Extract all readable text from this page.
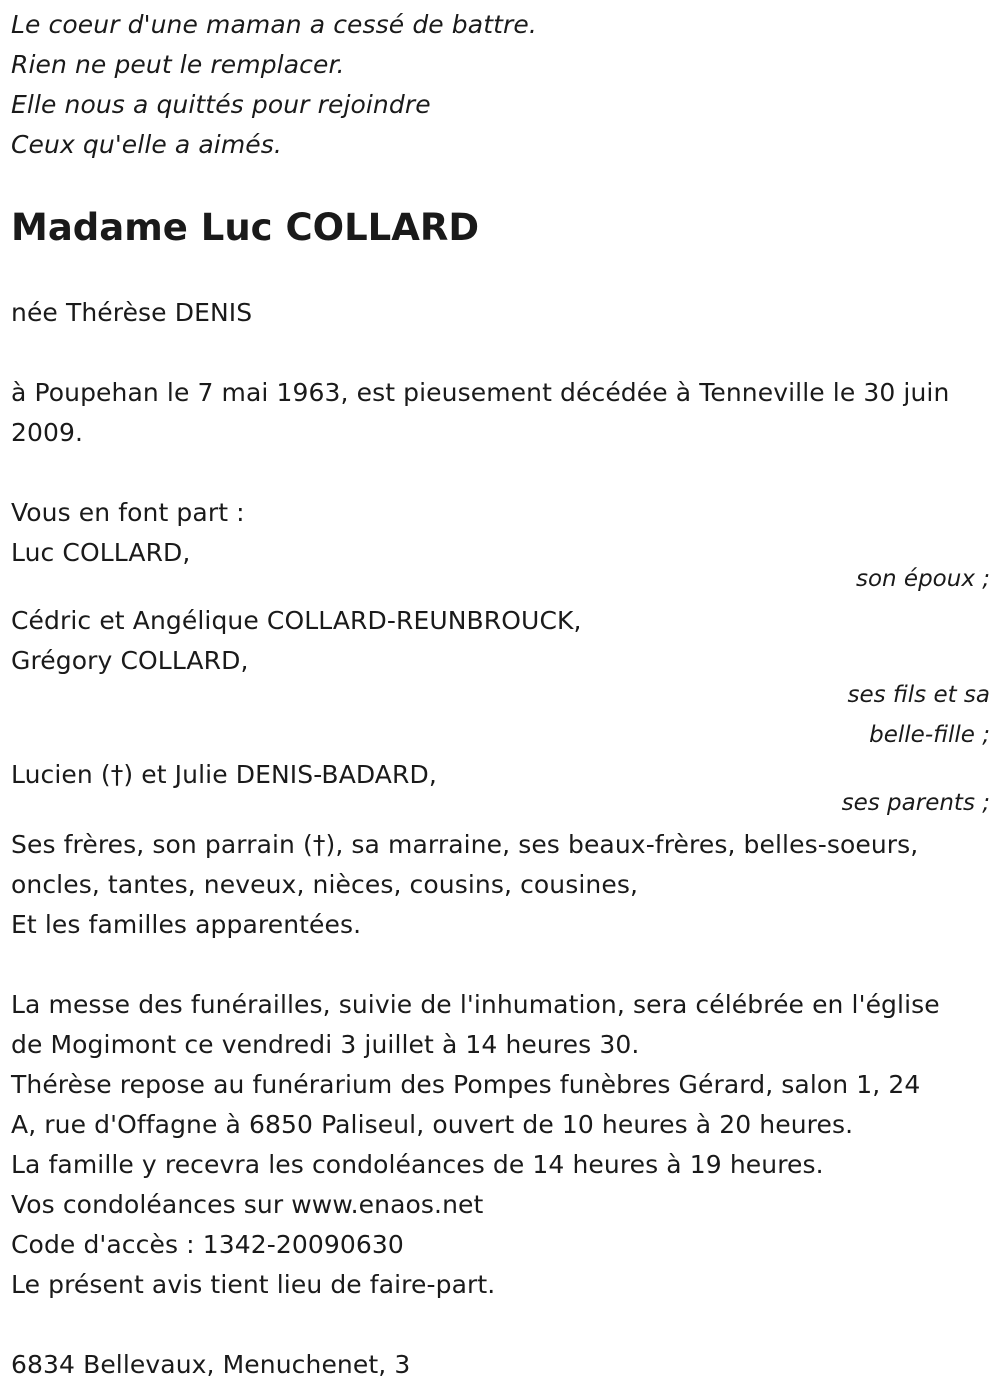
Le coeur d'une maman a cessé de battre.
Rien ne peut le remplacer.
Elle nous a quittés pour rejoindre
Ceux qu'elle a aimés.
Madame Luc COLLARD
née Thérèse DENIS
à Poupehan le 7 mai 1963, est pieusement décédée à Tenneville le 30 juin
2009.
Vous en font part :
Luc COLLARD,
son époux ;
Cédric et Angélique COLLARD-REUNBROUCK,
Grégory COLLARD,
ses fils et sa
belle-fille ;
Lucien (†) et Julie DENIS-BADARD,
ses parents ;
Ses frères, son parrain (†), sa marraine, ses beaux-frères, belles-soeurs,
oncles, tantes, neveux, nièces, cousins, cousines,
Et les familles apparentées.
La messe des funérailles, suivie de l'inhumation, sera célébrée en l'église
de Mogimont ce vendredi 3 juillet à 14 heures 30.
Thérèse repose au funérarium des Pompes funèbres Gérard, salon 1, 24
A, rue d'Offagne à 6850 Paliseul, ouvert de 10 heures à 20 heures.
La famille y recevra les condoléances de 14 heures à 19 heures.
Vos condoléances sur www.enaos.net
Code d'accès : 1342-20090630
Le présent avis tient lieu de faire-part.
6834 Bellevaux, Menuchenet, 3
